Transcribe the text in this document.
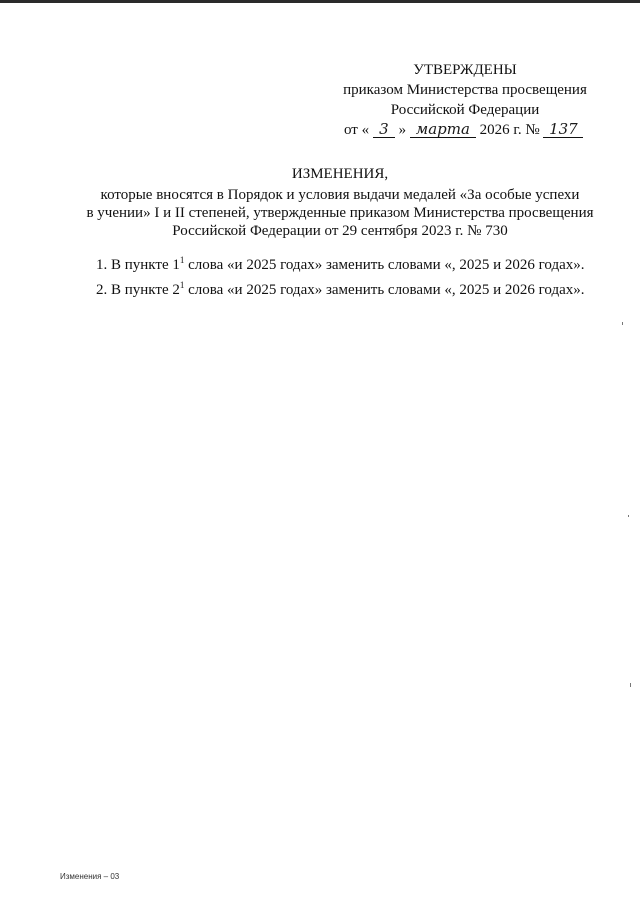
УТВЕРЖДЕНЫ
приказом Министерства просвещения
Российской Федерации
от « 3 » марта 2026 г. № 137
ИЗМЕНЕНИЯ,
которые вносятся в Порядок и условия выдачи медалей «За особые успехи
в учении» I и II степеней, утвержденные приказом Министерства просвещения
Российской Федерации от 29 сентября 2023 г. № 730
1. В пункте $1^1$ слова «и 2025 годах» заменить словами «, 2025 и 2026 годах».
2. В пункте $2^1$ слова «и 2025 годах» заменить словами «, 2025 и 2026 годах».
Изменения – 03
